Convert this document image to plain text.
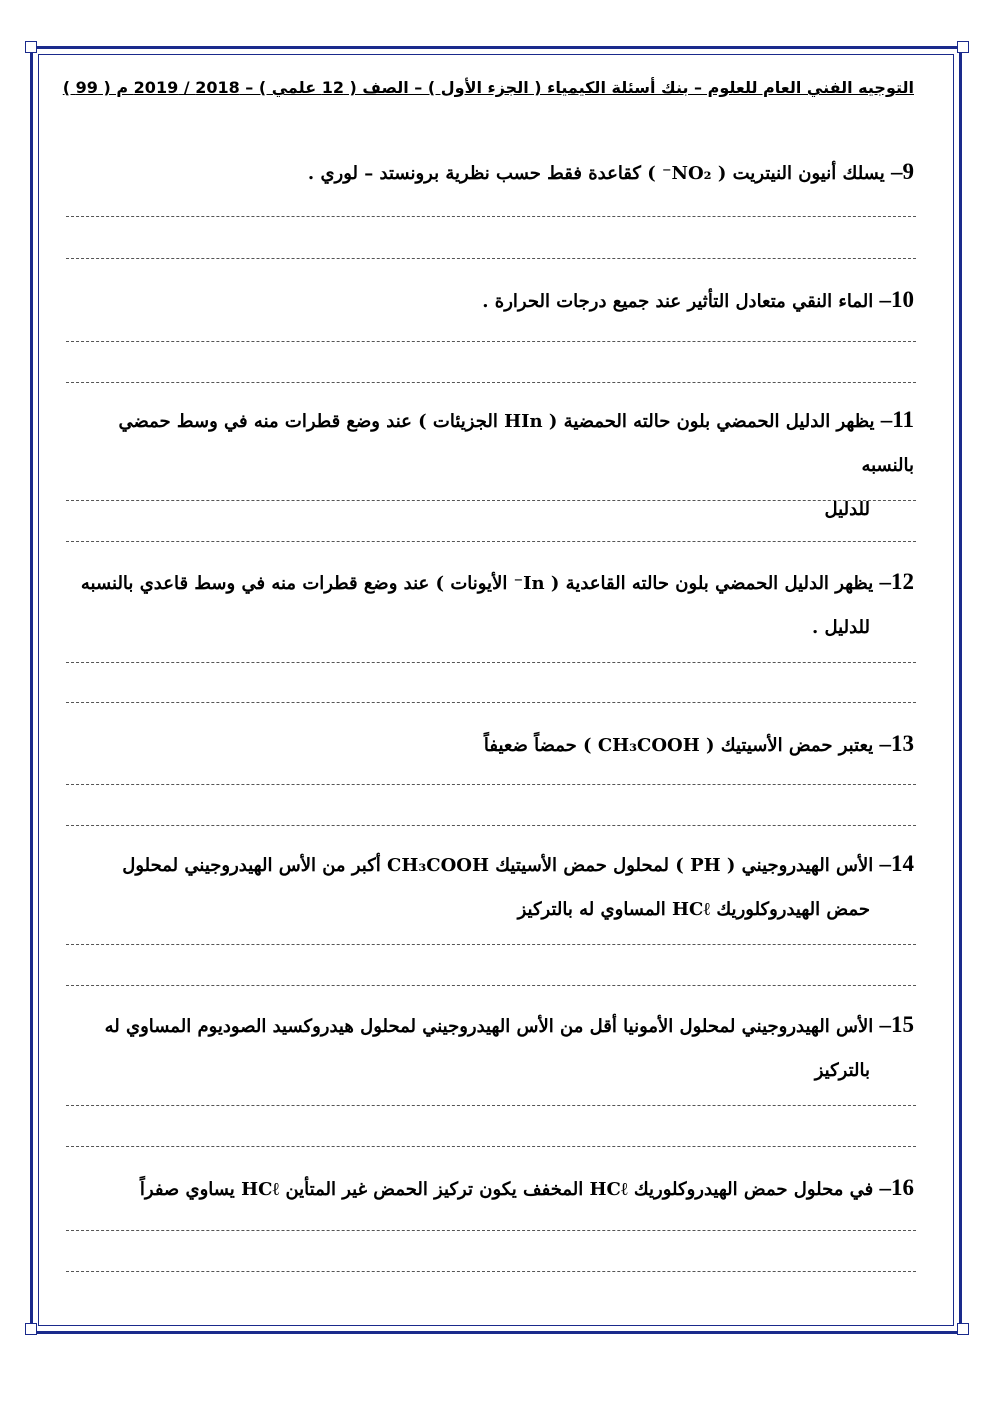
التوجيه الفني العام للعلوم – بنك أسئلة الكيمياء ( الجزء الأول ) – الصف ( 12 علمي ) – 2018 / 2019 م ( 99 )
9– يسلك أنيون النيتريت ( NO₂⁻ ) كقاعدة فقط حسب نظرية برونستد – لوري .
10– الماء النقي متعادل التأثير عند جميع درجات الحرارة .
11– يظهر الدليل الحمضي بلون حالته الحمضية ( HIn الجزيئات ) عند وضع قطرات منه في وسط حمضي بالنسبه
للدليل
12– يظهر الدليل الحمضي بلون حالته القاعدية ( In⁻ الأيونات ) عند وضع قطرات منه في وسط قاعدي بالنسبه
للدليل .
13– يعتبر حمض الأسيتيك ( CH₃COOH ) حمضاً ضعيفاً
14– الأس الهيدروجيني ( PH ) لمحلول حمض الأسيتيك CH₃COOH أكبر من الأس الهيدروجيني لمحلول
حمض الهيدروكلوريك HCℓ المساوي له بالتركيز
15– الأس الهيدروجيني لمحلول الأمونيا أقل من الأس الهيدروجيني لمحلول هيدروكسيد الصوديوم المساوي له
بالتركيز
16– في محلول حمض الهيدروكلوريك HCℓ المخفف يكون تركيز الحمض غير المتأين HCℓ يساوي صفراً
